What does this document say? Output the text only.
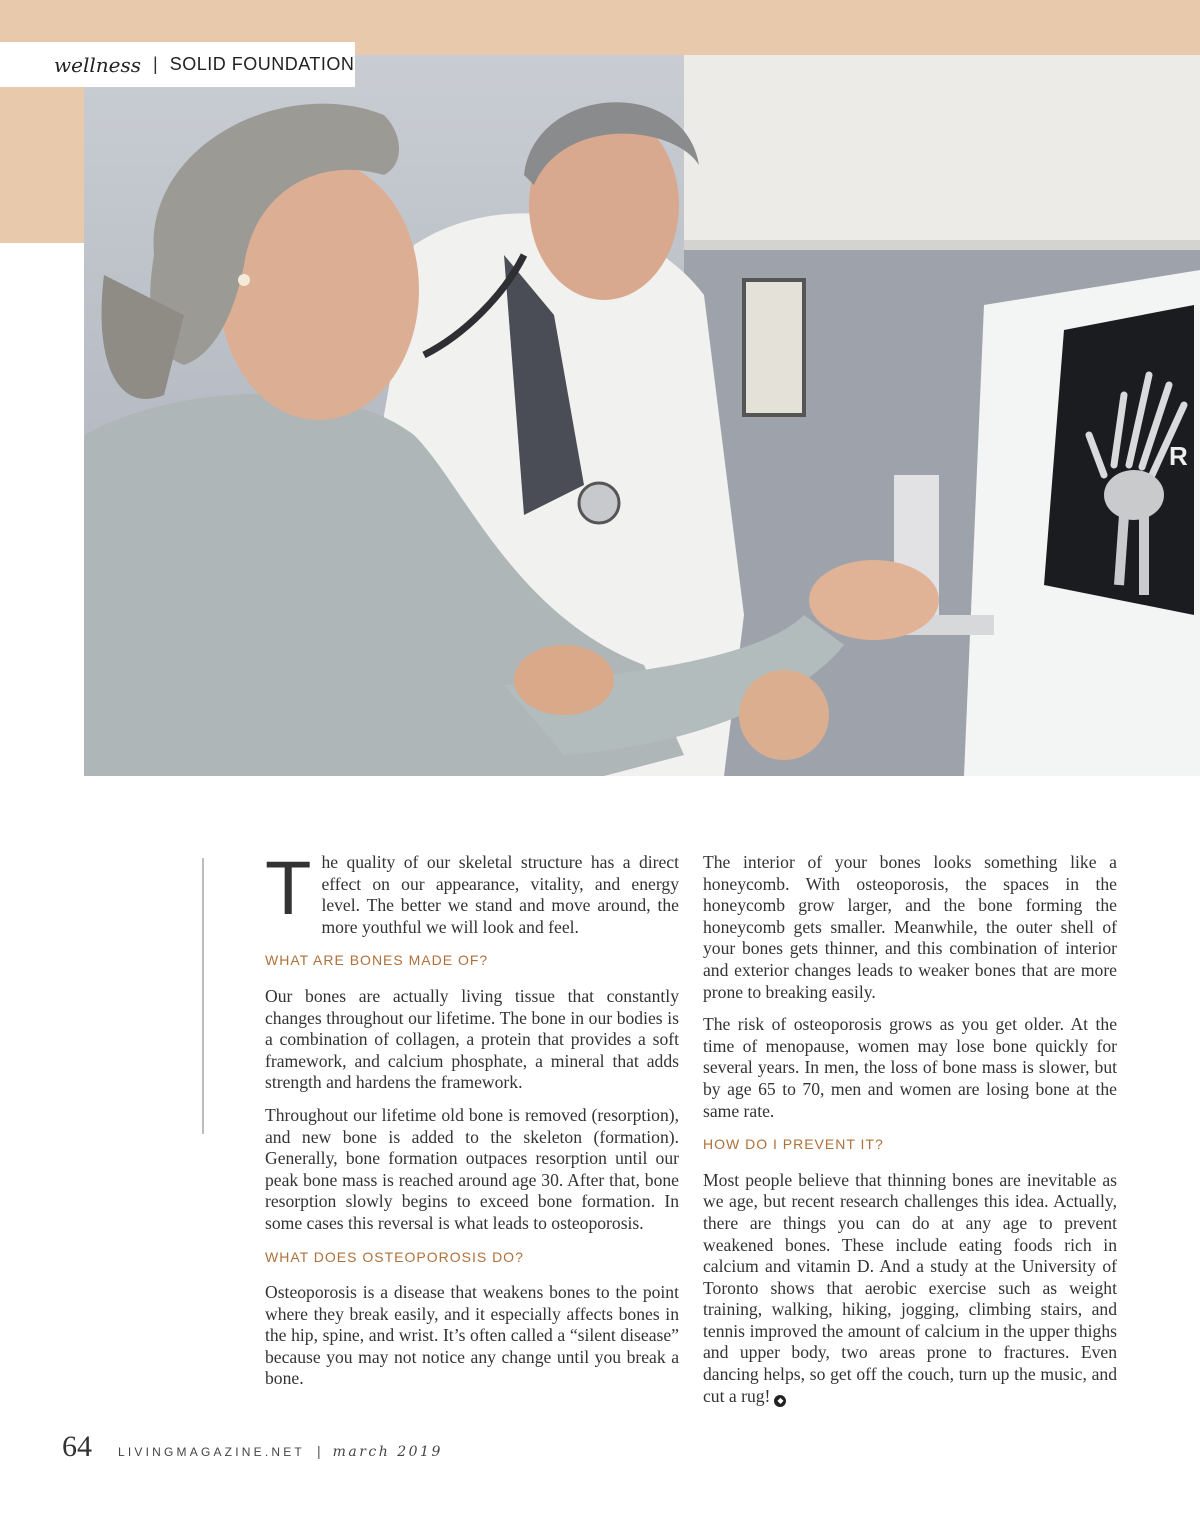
R
wellness | SOLID FOUNDATION

The quality of our skeletal structure has a direct effect on our appearance, vitality, and energy level. The better we stand and move around, the more youthful we will look and feel.

WHAT ARE BONES MADE OF?

Our bones are actually living tissue that constantly changes throughout our lifetime. The bone in our bodies is a combination of collagen, a protein that provides a soft framework, and calcium phosphate, a mineral that adds strength and hardens the framework.

Throughout our lifetime old bone is removed (resorption), and new bone is added to the skeleton (formation). Generally, bone formation outpaces resorption until our peak bone mass is reached around age 30. After that, bone resorption slowly begins to exceed bone formation. In some cases this reversal is what leads to osteoporosis.

WHAT DOES OSTEOPOROSIS DO?

Osteoporosis is a disease that weakens bones to the point where they break easily, and it especially affects bones in the hip, spine, and wrist. It’s often called a “silent disease” because you may not notice any change until you break a bone.

The interior of your bones looks something like a honeycomb. With osteoporosis, the spaces in the honeycomb grow larger, and the bone forming the honeycomb gets smaller. Meanwhile, the outer shell of your bones gets thinner, and this combination of interior and exterior changes leads to weaker bones that are more prone to breaking easily.

The risk of osteoporosis grows as you get older. At the time of menopause, women may lose bone quickly for several years. In men, the loss of bone mass is slower, but by age 65 to 70, men and women are losing bone at the same rate.

HOW DO I PREVENT IT?

Most people believe that thinning bones are inevitable as we age, but recent research challenges this idea. Actually, there are things you can do at any age to prevent weakened bones. These include eating foods rich in calcium and vitamin D. And a study at the University of Toronto shows that aerobic exercise such as weight training, walking, hiking, jogging, climbing stairs, and tennis improved the amount of calcium in the upper thighs and upper body, two areas prone to fractures. Even dancing helps, so get off the couch, turn up the music, and cut a rug! ◆

64 LIVINGMAGAZINE.NET | march 2019
